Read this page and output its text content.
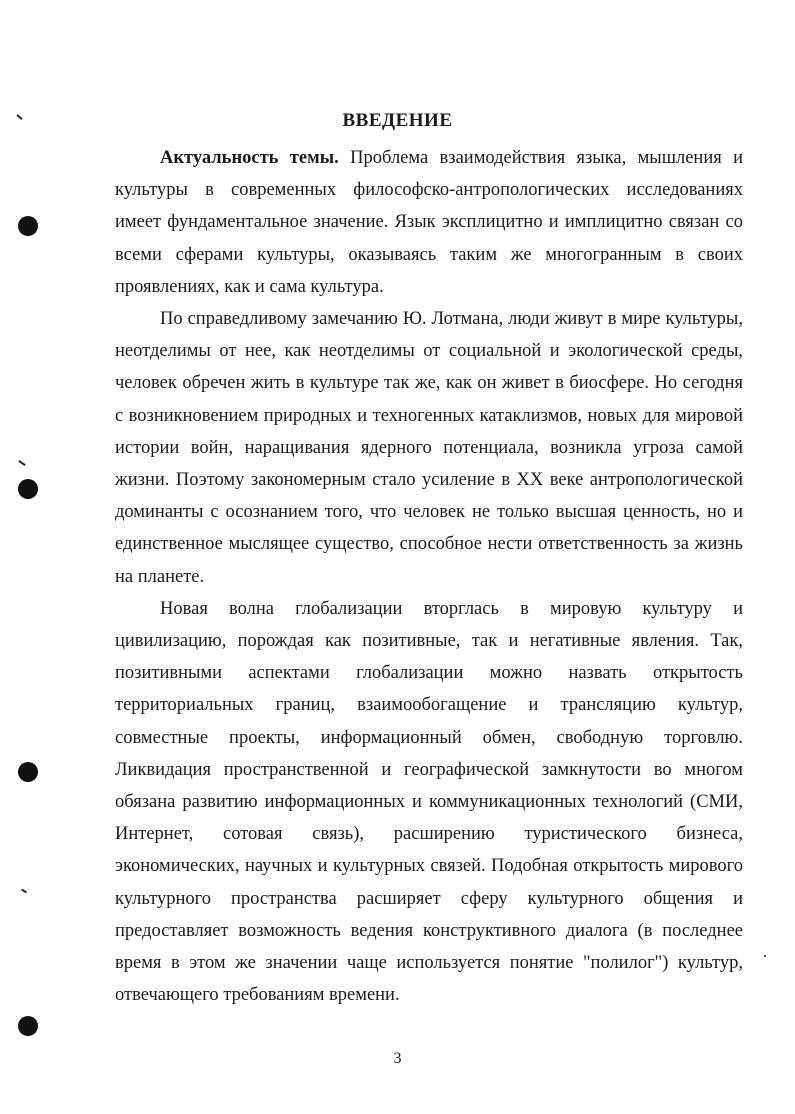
ВВЕДЕНИЕ

Актуальность темы. Проблема взаимодействия языка, мышления и культуры в современных философско-антропологических исследованиях имеет фундаментальное значение. Язык эксплицитно и имплицитно связан со всеми сферами культуры, оказываясь таким же многогранным в своих проявлениях, как и сама культура.

По справедливому замечанию Ю. Лотмана, люди живут в мире культуры, неотделимы от нее, как неотделимы от социальной и экологической среды, человек обречен жить в культуре так же, как он живет в биосфере. Но сегодня с возникновением природных и техногенных катаклизмов, новых для мировой истории войн, наращивания ядерного потенциала, возникла угроза самой жизни. Поэтому закономерным стало усиление в XX веке антропологической доминанты с осознанием того, что человек не только высшая ценность, но и единственное мыслящее существо, способное нести ответственность за жизнь на планете.

Новая волна глобализации вторглась в мировую культуру и цивилизацию, порождая как позитивные, так и негативные явления. Так, позитивными аспектами глобализации можно назвать открытость территориальных границ, взаимообогащение и трансляцию культур, совместные проекты, информационный обмен, свободную торговлю. Ликвидация пространственной и географической замкнутости во многом обязана развитию информационных и коммуникационных технологий (СМИ, Интернет, сотовая связь), расширению туристического бизнеса, экономических, научных и культурных связей. Подобная открытость мирового культурного пространства расширяет сферу культурного общения и предоставляет возможность ведения конструктивного диалога (в последнее время в этом же значении чаще используется понятие "полилог") культур, отвечающего требованиям времени.

3
